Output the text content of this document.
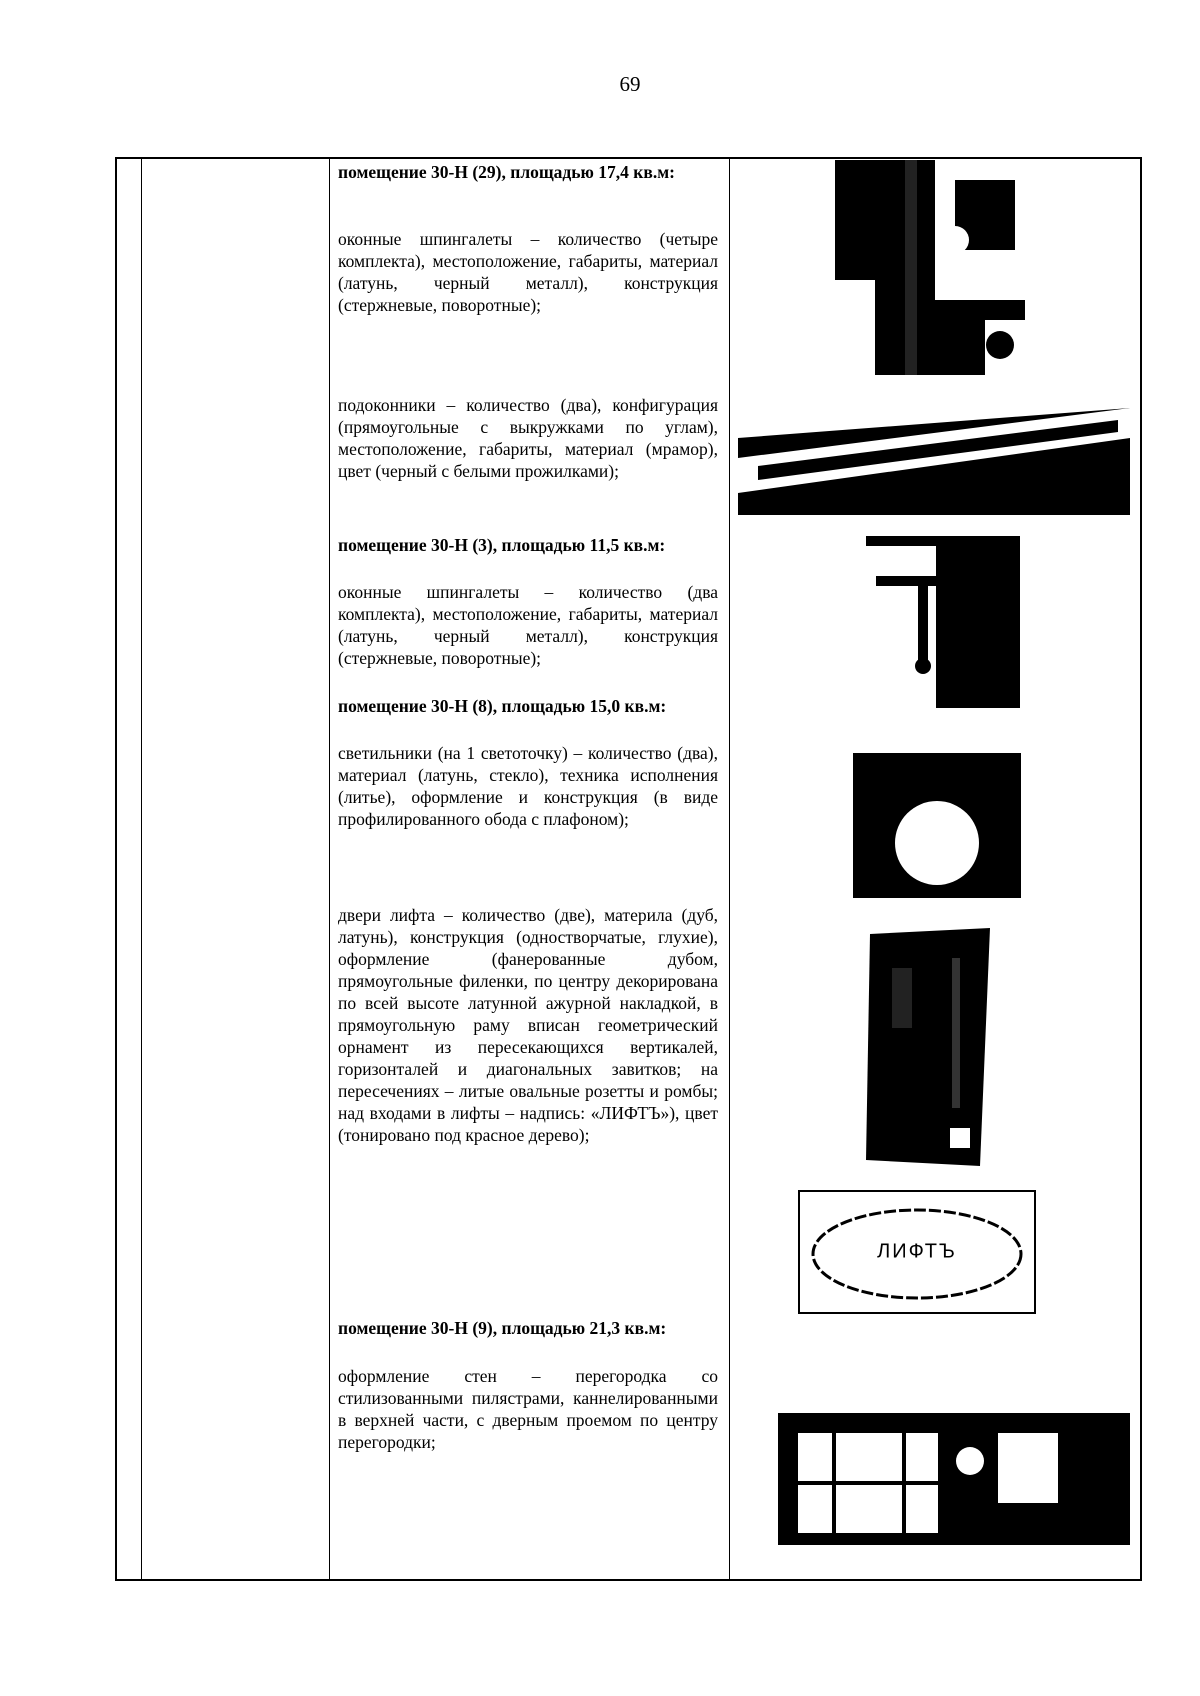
69
помещение 30-Н (29), площадью 17,4 кв.м:
оконные шпингалеты – количество (четыре комплекта), местоположение, габариты, материал (латунь, черный металл), конструкция (стержневые, поворотные);
подоконники – количество (два), конфигурация (прямоугольные с выкружками по углам), местоположение, габариты, материал (мрамор), цвет (черный с белыми прожилками);
помещение 30-Н (3), площадью 11,5 кв.м:
оконные шпингалеты – количество (два комплекта), местоположение, габариты, материал (латунь, черный металл), конструкция (стержневые, поворотные);
помещение 30-Н (8), площадью 15,0 кв.м:
светильники (на 1 светоточку) – количество (два), материал (латунь, стекло), техника исполнения (литье), оформление и конструкция (в виде профилированного обода с плафоном);
двери лифта – количество (две), материла (дуб, латунь), конструкция (одностворчатые, глухие), оформление (фанерованные дубом, прямоугольные филенки, по центру декорирована по всей высоте латунной ажурной накладкой, в прямоугольную раму вписан геометрический орнамент из пересекающихся вертикалей, горизонталей и диагональных завитков; на пересечениях – литые овальные розетты и ромбы; над входами в лифты – надпись: «ЛИФТЪ»), цвет (тонировано под красное дерево);
помещение 30-Н (9), площадью 21,3 кв.м:
оформление стен – перегородка со стилизованными пилястрами, каннелированными в верхней части, с дверным проемом по центру перегородки;
ЛИФТЪ
